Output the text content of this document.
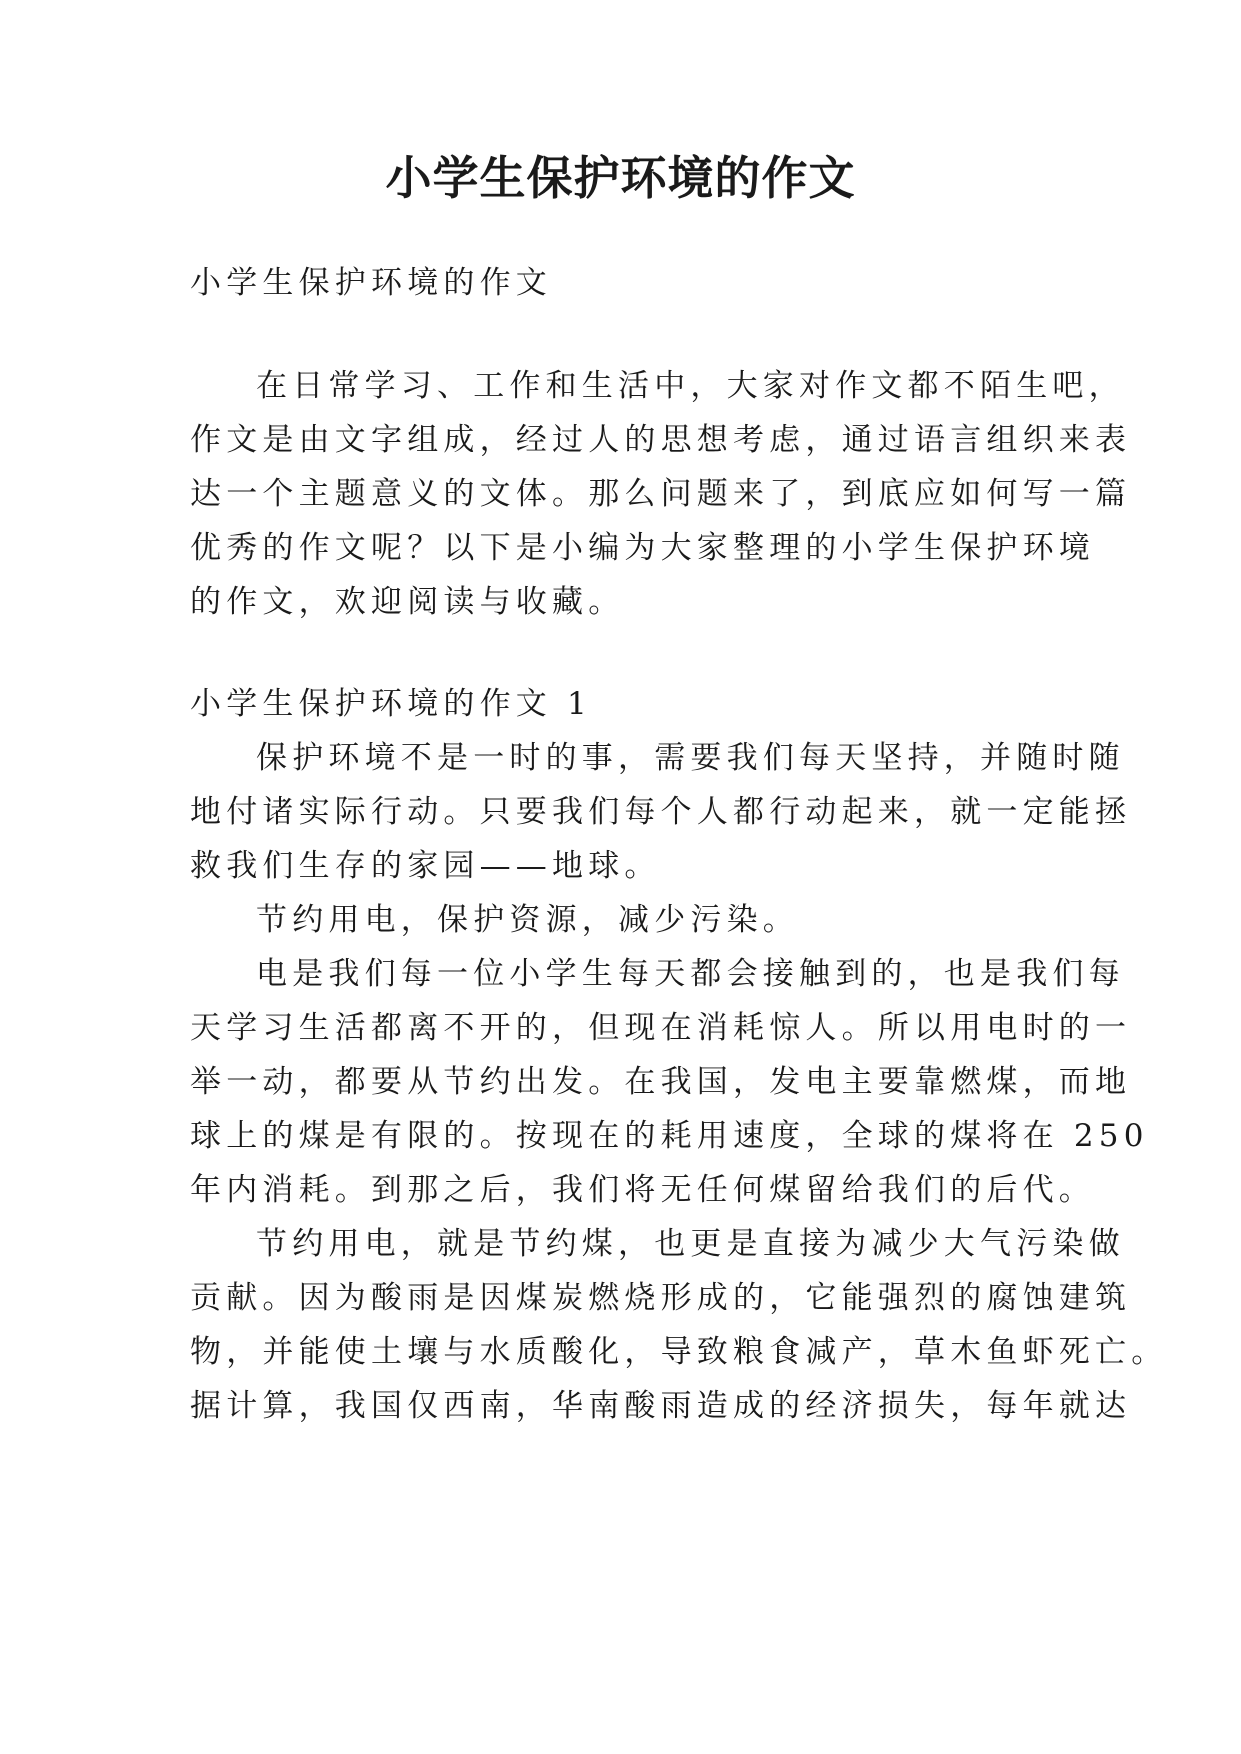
小学生保护环境的作文

小学生保护环境的作文

在日常学习、工作和生活中，大家对作文都不陌生吧，

作文是由文字组成，经过人的思想考虑，通过语言组织来表

达一个主题意义的文体。那么问题来了，到底应如何写一篇

优秀的作文呢？以下是小编为大家整理的小学生保护环境

的作文，欢迎阅读与收藏。

小学生保护环境的作文 1

保护环境不是一时的事，需要我们每天坚持，并随时随

地付诸实际行动。只要我们每个人都行动起来，就一定能拯

救我们生存的家园——地球。

节约用电，保护资源，减少污染。

电是我们每一位小学生每天都会接触到的，也是我们每

天学习生活都离不开的，但现在消耗惊人。所以用电时的一

举一动，都要从节约出发。在我国，发电主要靠燃煤，而地

球上的煤是有限的。按现在的耗用速度，全球的煤将在 250

年内消耗。到那之后，我们将无任何煤留给我们的后代。

节约用电，就是节约煤，也更是直接为减少大气污染做

贡献。因为酸雨是因煤炭燃烧形成的，它能强烈的腐蚀建筑

物，并能使土壤与水质酸化，导致粮食减产，草木鱼虾死亡。

据计算，我国仅西南，华南酸雨造成的经济损失，每年就达
